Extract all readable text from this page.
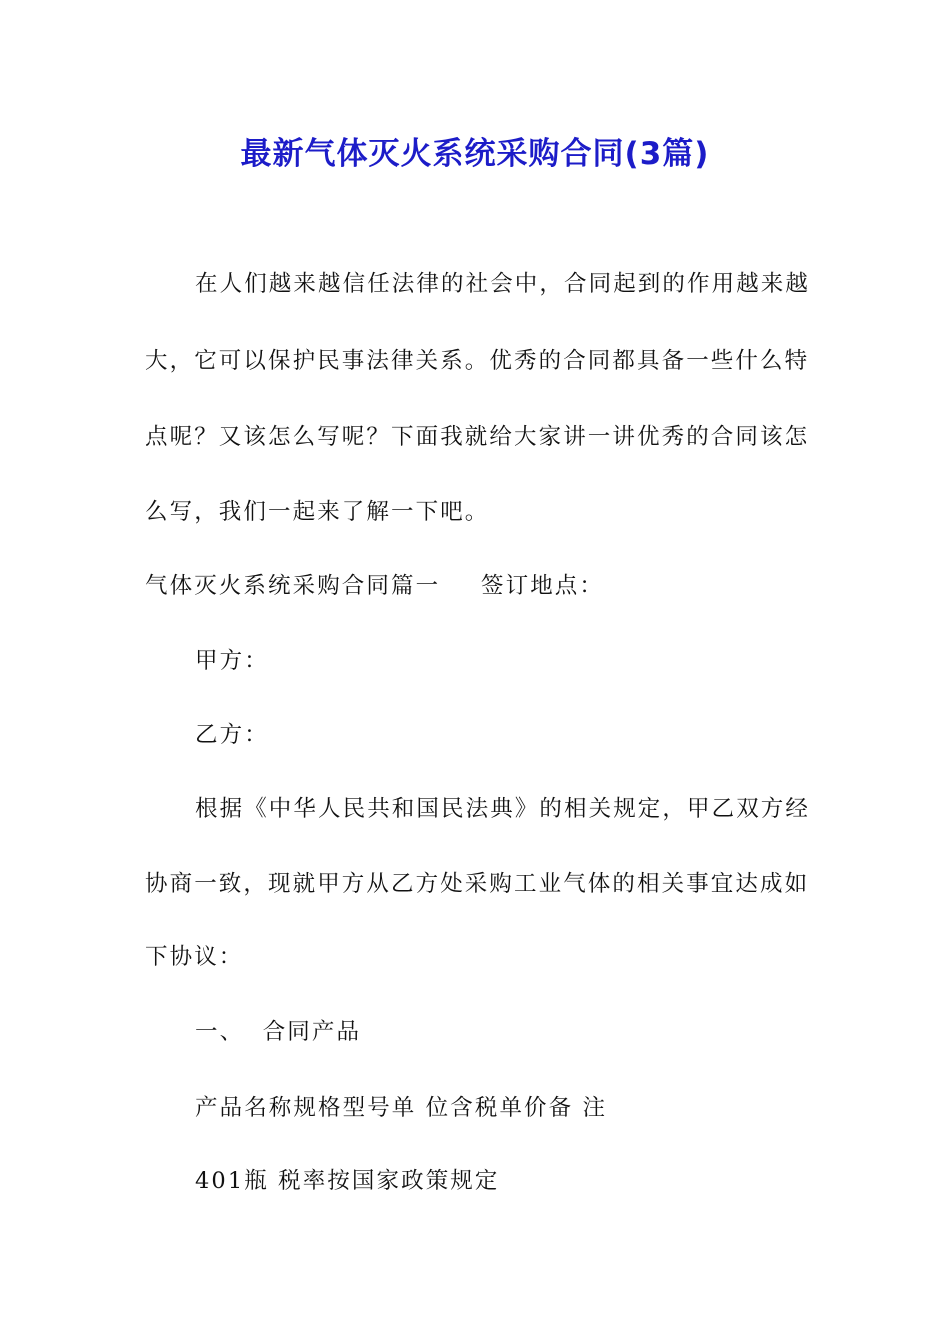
最新气体灭火系统采购合同(3篇)
在人们越来越信任法律的社会中，合同起到的作用越来越
大，它可以保护民事法律关系。优秀的合同都具备一些什么特
点呢？又该怎么写呢？下面我就给大家讲一讲优秀的合同该怎
么写，我们一起来了解一下吧。
气体灭火系统采购合同篇一 签订地点：
甲方：
乙方：
根据《中华人民共和国民法典》的相关规定，甲乙双方经
协商一致，现就甲方从乙方处采购工业气体的相关事宜达成如
下协议：
一、  合同产品
产品名称规格型号单 位含税单价备 注
401瓶 税率按国家政策规定
